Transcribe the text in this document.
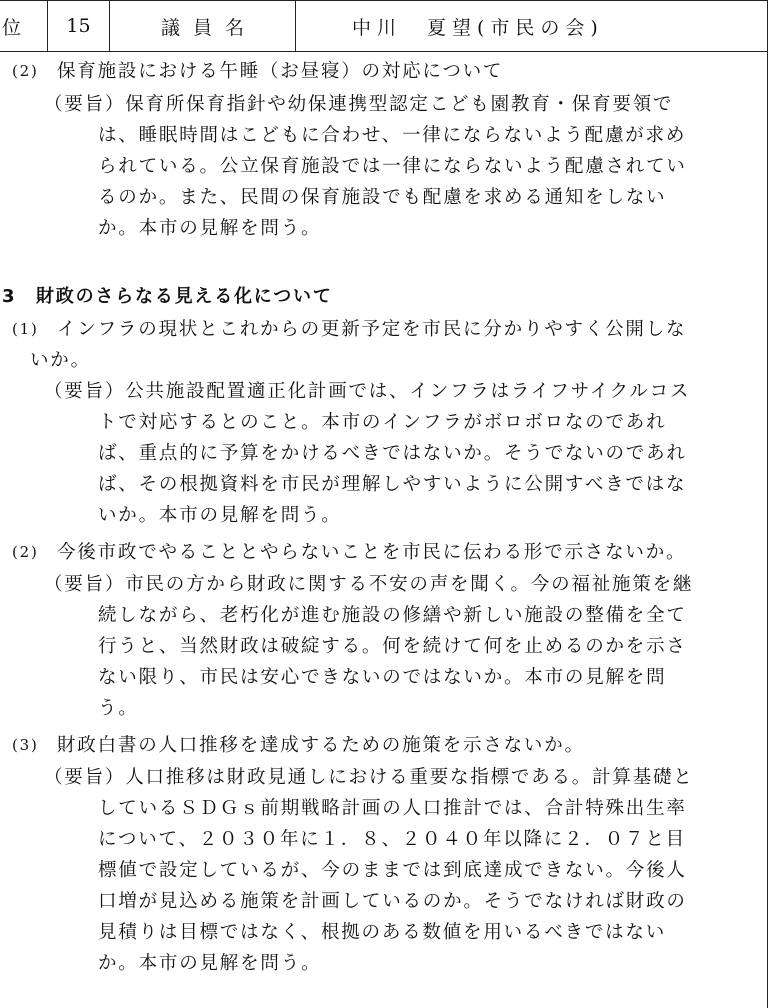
位	15	議員名	中川　夏望(市民の会)
(2) 保育施設における午睡（お昼寝）の対応について
（要旨）保育所保育指針や幼保連携型認定こども園教育・保育要領で
は、睡眠時間はこどもに合わせ、一律にならないよう配慮が求め
られている。公立保育施設では一律にならないよう配慮されてい
るのか。また、民間の保育施設でも配慮を求める通知をしない
か。本市の見解を問う。
3 財政のさらなる見える化について
(1) インフラの現状とこれからの更新予定を市民に分かりやすく公開しな
いか。
（要旨）公共施設配置適正化計画では、インフラはライフサイクルコス
トで対応するとのこと。本市のインフラがボロボロなのであれ
ば、重点的に予算をかけるべきではないか。そうでないのであれ
ば、その根拠資料を市民が理解しやすいように公開すべきではな
いか。本市の見解を問う。
(2) 今後市政でやることとやらないことを市民に伝わる形で示さないか。
（要旨）市民の方から財政に関する不安の声を聞く。今の福祉施策を継
続しながら、老朽化が進む施設の修繕や新しい施設の整備を全て
行うと、当然財政は破綻する。何を続けて何を止めるのかを示さ
ない限り、市民は安心できないのではないか。本市の見解を問
う。
(3) 財政白書の人口推移を達成するための施策を示さないか。
（要旨）人口推移は財政見通しにおける重要な指標である。計算基礎と
しているＳＤＧｓ前期戦略計画の人口推計では、合計特殊出生率
について、２０３０年に１．８、２０４０年以降に２．０７と目
標値で設定しているが、今のままでは到底達成できない。今後人
口増が見込める施策を計画しているのか。そうでなければ財政の
見積りは目標ではなく、根拠のある数値を用いるべきではない
か。本市の見解を問う。
